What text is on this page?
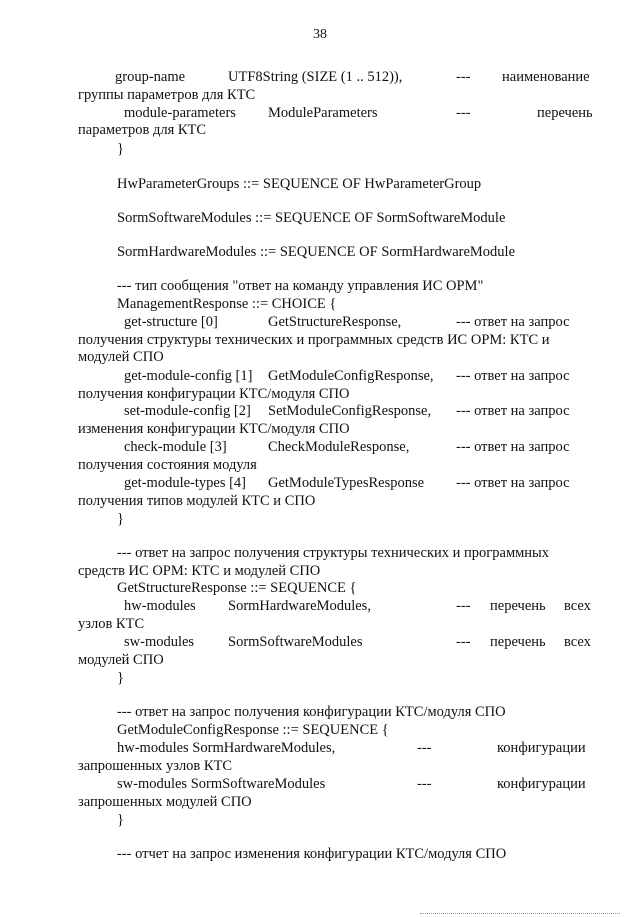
38
group-name	UTF8String (SIZE (1 .. 512)),	--- наименование
группы параметров для КТС
module-parameters ModuleParameters	---	перечень
параметров для КТС
}
HwParameterGroups ::= SEQUENCE OF HwParameterGroup
SormSoftwareModules ::= SEQUENCE OF SormSoftwareModule
SormHardwareModules ::= SEQUENCE OF SormHardwareModule
--- тип сообщения "ответ на команду управления ИС ОРМ"
ManagementResponse ::= CHOICE {
get-structure [0]	GetStructureResponse,	--- ответ на запрос
получения структуры технических и программных средств ИС ОРМ: КТС и
модулей СПО
get-module-config [1] GetModuleConfigResponse, --- ответ на запрос
получения конфигурации КТС/модуля СПО
set-module-config [2] SetModuleConfigResponse, --- ответ на запрос
изменения конфигурации КТС/модуля СПО
check-module [3]	CheckModuleResponse,	--- ответ на запрос
получения состояния модуля
get-module-types [4] GetModuleTypesResponse --- ответ на запрос
получения типов модулей КТС и СПО
}
--- ответ на запрос получения структуры технических и программных
средств ИС ОРМ: КТС и модулей СПО
GetStructureResponse ::= SEQUENCE {
hw-modules SormHardwareModules,	--- перечень всех
узлов КТС
sw-modules SormSoftwareModules	--- перечень всех
модулей СПО
}
--- ответ на запрос получения конфигурации КТС/модуля СПО
GetModuleConfigResponse ::= SEQUENCE {
hw-modules SormHardwareModules,	---	конфигурации
запрошенных узлов КТС
sw-modules SormSoftwareModules	---	конфигурации
запрошенных модулей СПО
}
--- отчет на запрос изменения конфигурации КТС/модуля СПО
